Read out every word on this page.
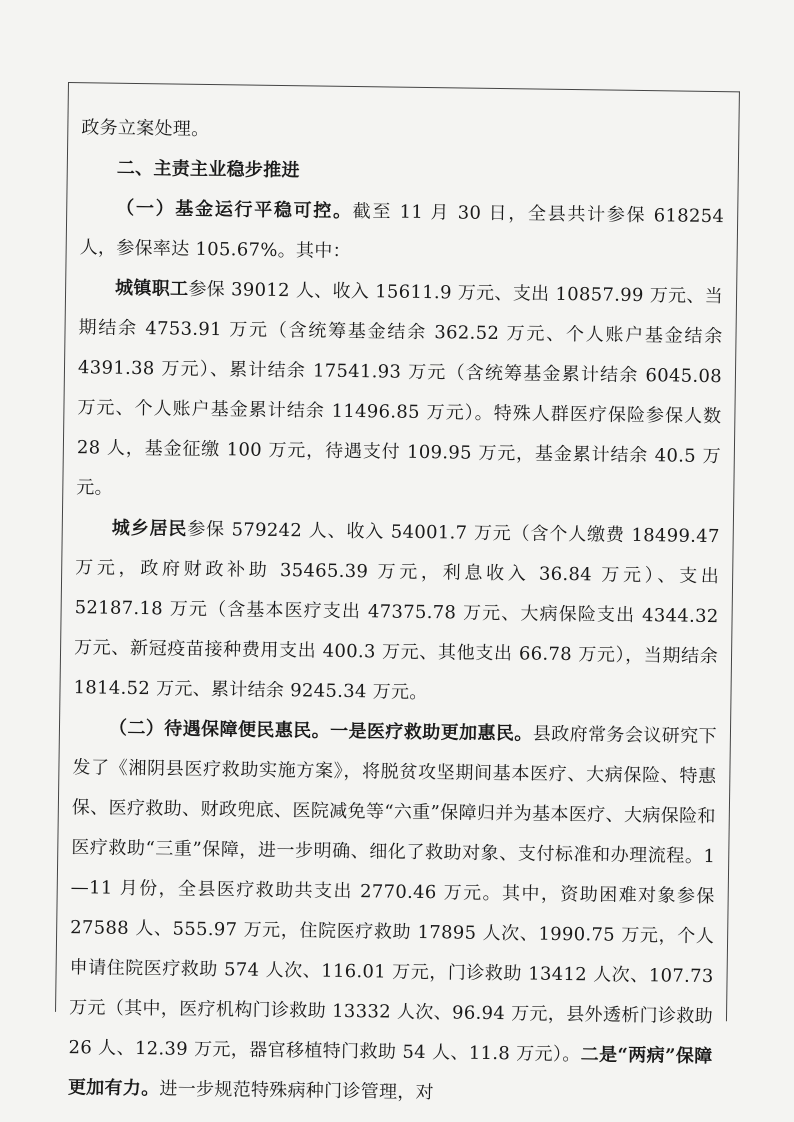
政务立案处理。

二、主责主业稳步推进

（一）基金运行平稳可控。截至 11 月 30 日，全县共计参保 618254 人，参保率达 105.67%。其中：

城镇职工参保 39012 人、收入 15611.9 万元、支出 10857.99 万元、当期结余 4753.91 万元（含统筹基金结余 362.52 万元、个人账户基金结余 4391.38 万元）、累计结余 17541.93 万元（含统筹基金累计结余 6045.08 万元、个人账户基金累计结余 11496.85 万元）。特殊人群医疗保险参保人数 28 人，基金征缴 100 万元，待遇支付 109.95 万元，基金累计结余 40.5 万元。

城乡居民参保 579242 人、收入 54001.7 万元（含个人缴费 18499.47 万元，政府财政补助 35465.39 万元，利息收入 36.84 万元）、支出 52187.18 万元（含基本医疗支出 47375.78 万元、大病保险支出 4344.32 万元、新冠疫苗接种费用支出 400.3 万元、其他支出 66.78 万元），当期结余 1814.52 万元、累计结余 9245.34 万元。

（二）待遇保障便民惠民。一是医疗救助更加惠民。县政府常务会议研究下发了《湘阴县医疗救助实施方案》，将脱贫攻坚期间基本医疗、大病保险、特惠保、医疗救助、财政兜底、医院减免等“六重”保障归并为基本医疗、大病保险和医疗救助“三重”保障，进一步明确、细化了救助对象、支付标准和办理流程。1—11 月份，全县医疗救助共支出 2770.46 万元。其中，资助困难对象参保 27588 人、555.97 万元，住院医疗救助 17895 人次、1990.75 万元，个人申请住院医疗救助 574 人次、116.01 万元，门诊救助 13412 人次、107.73 万元（其中，医疗机构门诊救助 13332 人次、96.94 万元，县外透析门诊救助 26 人、12.39 万元，器官移植特门救助 54 人、11.8 万元）。二是“两病”保障更加有力。进一步规范特殊病种门诊管理，对
